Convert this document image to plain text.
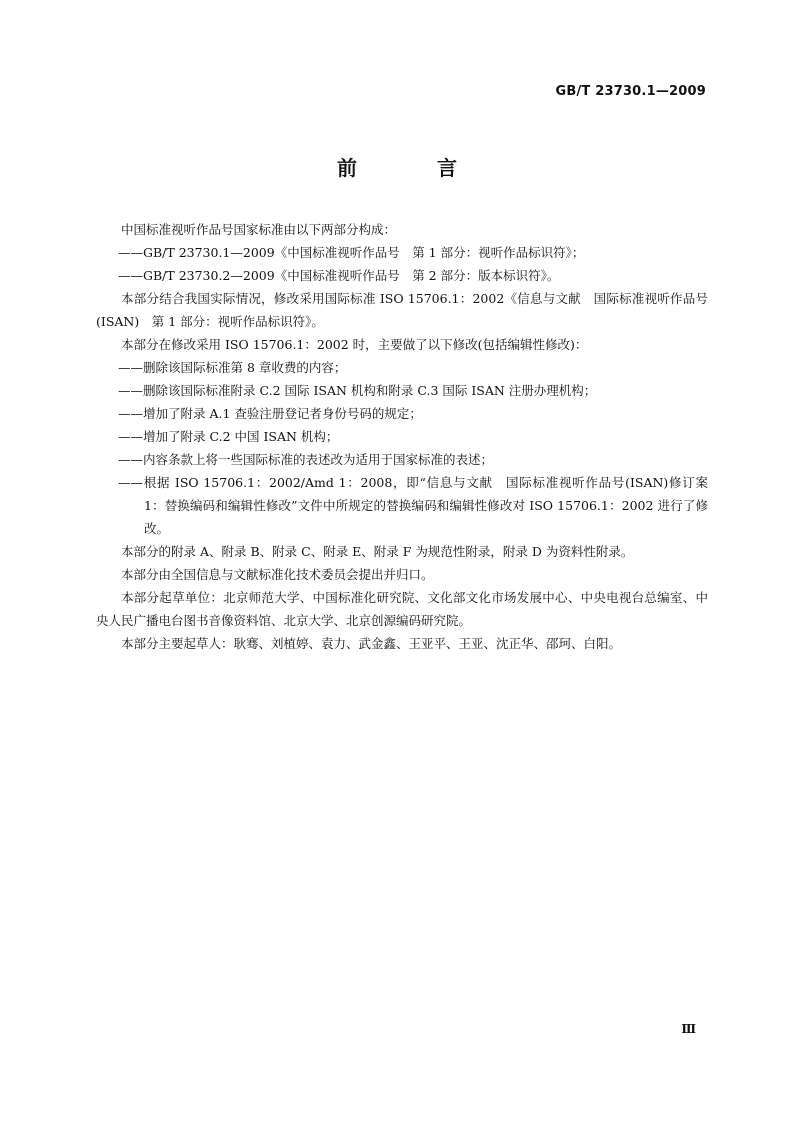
GB/T 23730.1—2009
前　言

中国标准视听作品号国家标准由以下两部分构成：

——GB/T 23730.1—2009《中国标准视听作品号　第 1 部分：视听作品标识符》；

——GB/T 23730.2—2009《中国标准视听作品号　第 2 部分：版本标识符》。

本部分结合我国实际情况，修改采用国际标准 ISO 15706.1：2002《信息与文献　国际标准视听作品号(ISAN)　第 1 部分：视听作品标识符》。

本部分在修改采用 ISO 15706.1：2002 时，主要做了以下修改(包括编辑性修改)：

——删除该国际标准第 8 章收费的内容；

——删除该国际标准附录 C.2 国际 ISAN 机构和附录 C.3 国际 ISAN 注册办理机构；

——增加了附录 A.1 查验注册登记者身份号码的规定；

——增加了附录 C.2 中国 ISAN 机构；

——内容条款上将一些国际标准的表述改为适用于国家标准的表述；

——根据 ISO 15706.1：2002/Amd 1：2008，即“信息与文献　国际标准视听作品号(ISAN)修订案 1：替换编码和编辑性修改”文件中所规定的替换编码和编辑性修改对 ISO 15706.1：2002 进行了修改。

本部分的附录 A、附录 B、附录 C、附录 E、附录 F 为规范性附录，附录 D 为资料性附录。

本部分由全国信息与文献标准化技术委员会提出并归口。

本部分起草单位：北京师范大学、中国标准化研究院、文化部文化市场发展中心、中央电视台总编室、中央人民广播电台图书音像资料馆、北京大学、北京创源编码研究院。

本部分主要起草人：耿骞、刘植婷、袁力、武金鑫、王亚平、王亚、沈正华、邵珂、白阳。

Ⅲ
